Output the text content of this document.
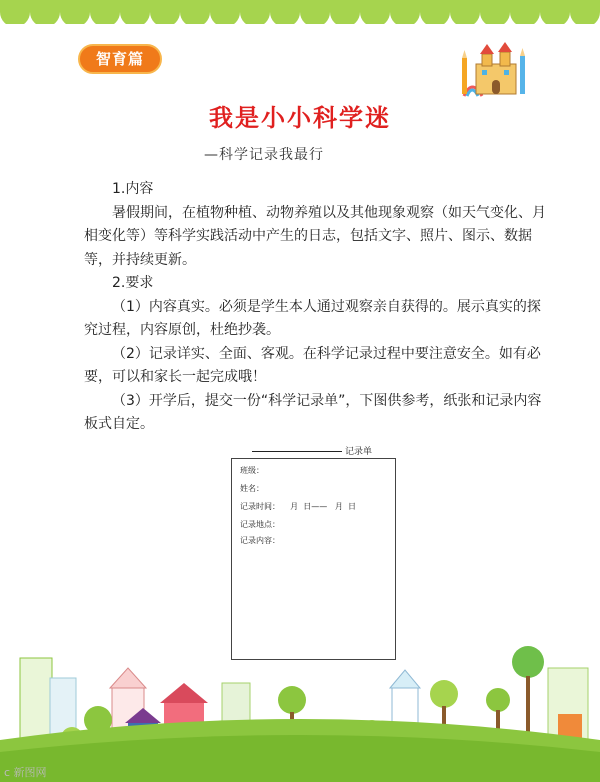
智育篇
我是小小科学迷
—科学记录我最行

1.内容

暑假期间，在植物种植、动物养殖以及其他现象观察（如天气变化、月相变化等）等科学实践活动中产生的日志，包括文字、照片、图示、数据等，并持续更新。

2.要求

（1）内容真实。必须是学生本人通过观察亲自获得的。展示真实的探究过程，内容原创，杜绝抄袭。

（2）记录详实、全面、客观。在科学记录过程中要注意安全。如有必要，可以和家长一起完成哦！

（3）开学后，提交一份“科学记录单”，下图供参考，纸张和记录内容板式自定。

记录单
班级：
姓名：
记录时间：    月  日——   月  日
记录地点：
记录内容：
c 新图网
